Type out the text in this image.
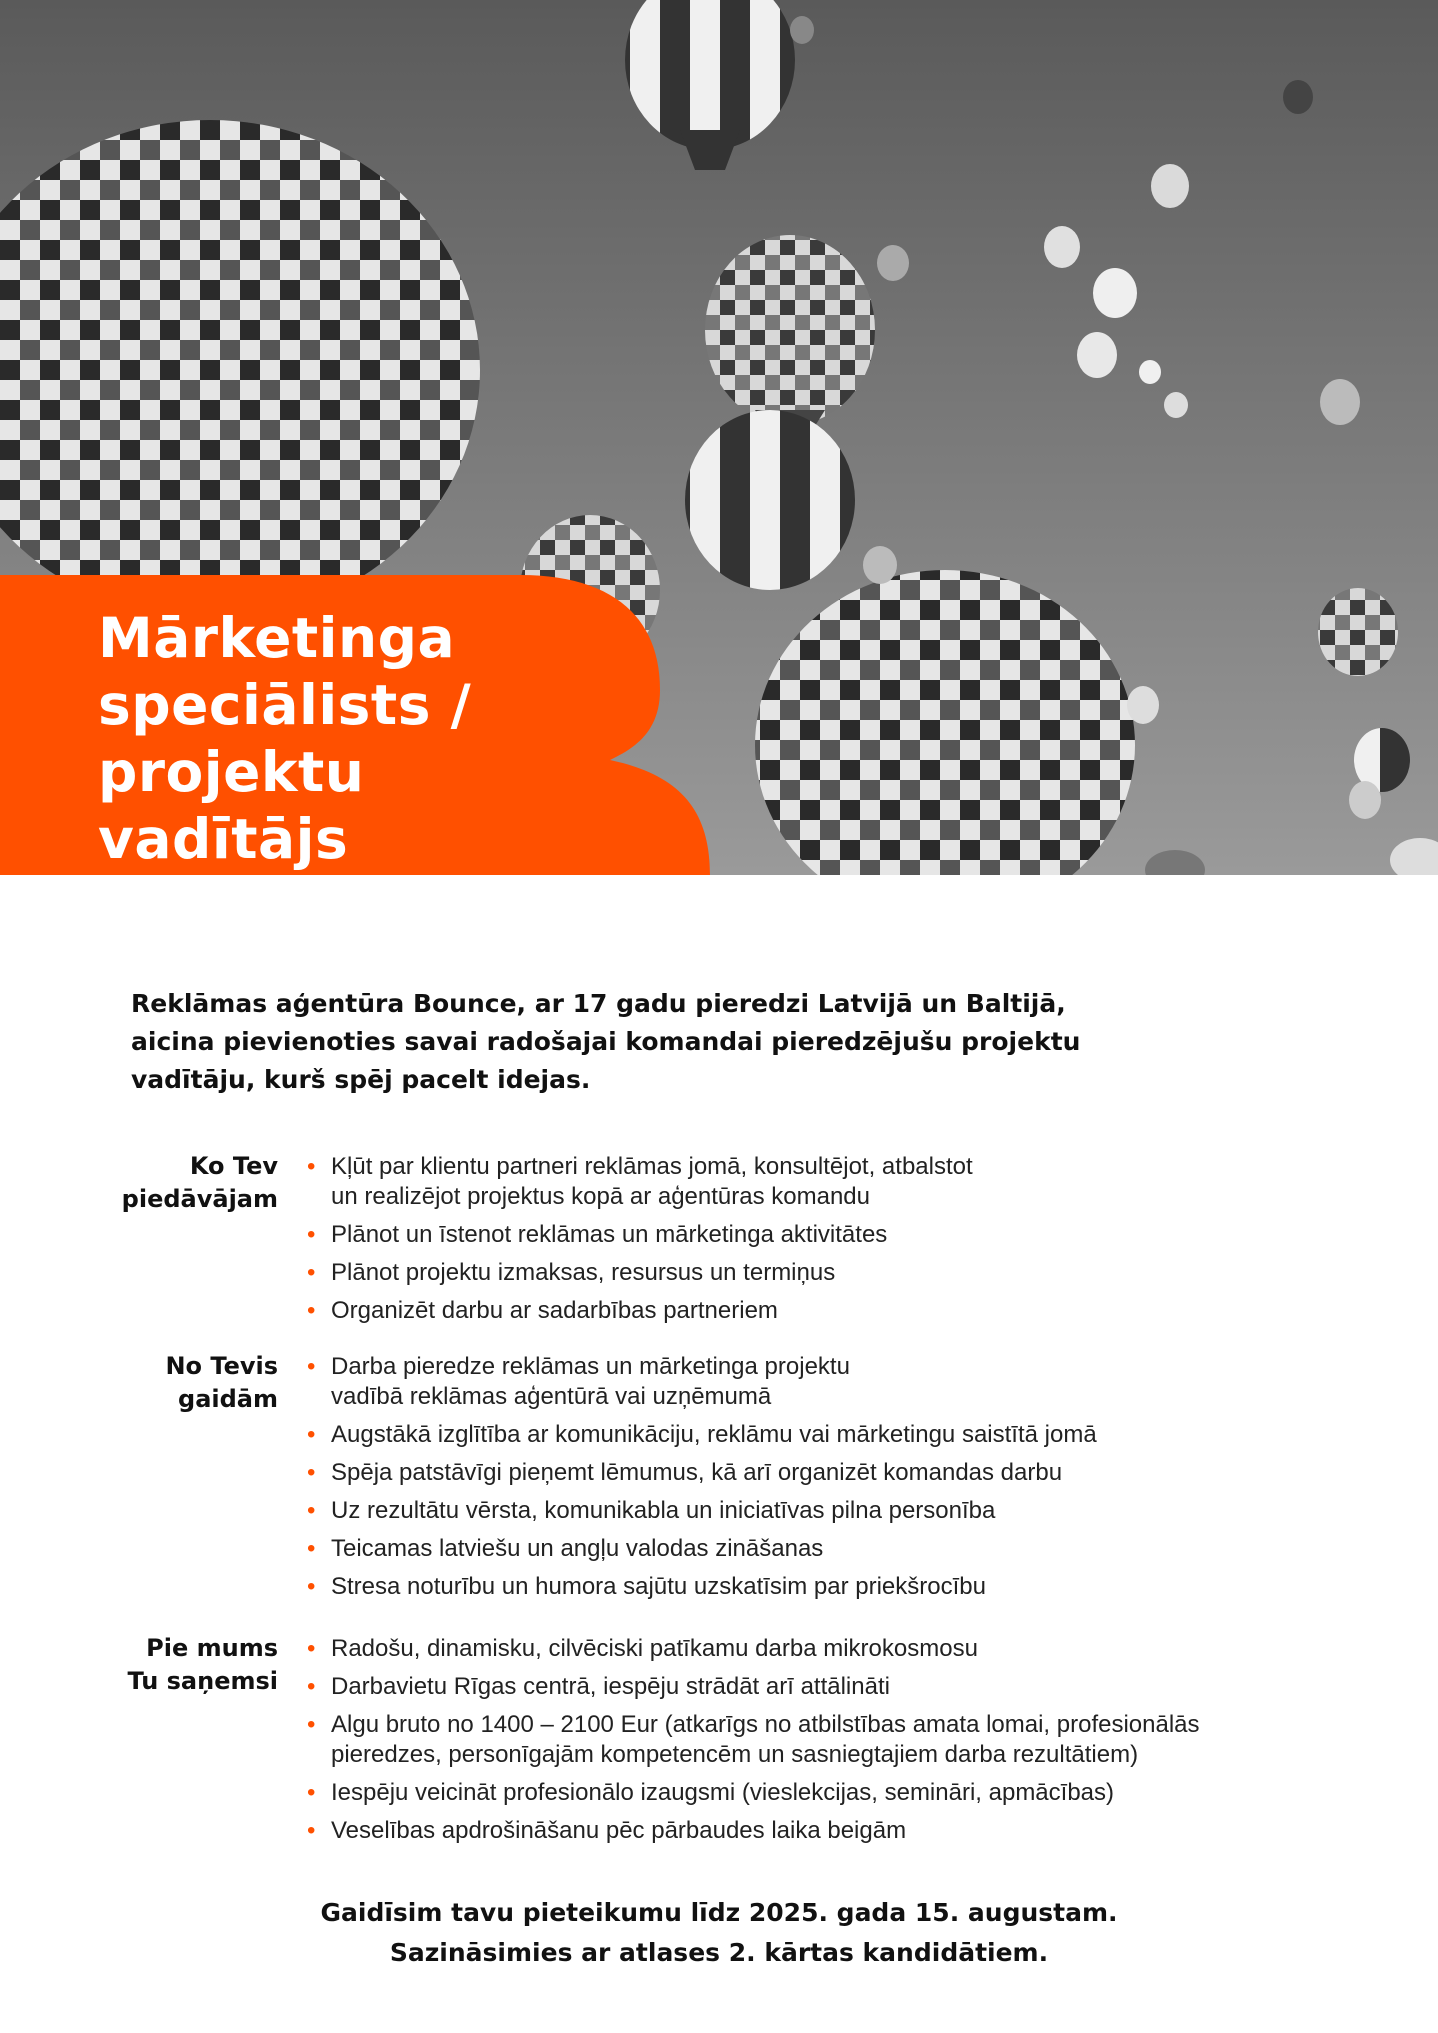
Mārketinga
speciālists /
projektu
vadītājs
Reklāmas aģentūra Bounce, ar 17 gadu pieredzi Latvijā un Baltijā,
aicina pievienoties savai radošajai komandai pieredzējušu projektu
vadītāju, kurš spēj pacelt idejas.
Ko Tev
piedāvājam
• Kļūt par klientu partneri reklāmas jomā, konsultējot, atbalstot
un realizējot projektus kopā ar aģentūras komandu
• Plānot un īstenot reklāmas un mārketinga aktivitātes
• Plānot projektu izmaksas, resursus un termiņus
• Organizēt darbu ar sadarbības partneriem
No Tevis
gaidām
• Darba pieredze reklāmas un mārketinga projektu
vadībā reklāmas aģentūrā vai uzņēmumā
• Augstākā izglītība ar komunikāciju, reklāmu vai mārketingu saistītā jomā
• Spēja patstāvīgi pieņemt lēmumus, kā arī organizēt komandas darbu
• Uz rezultātu vērsta, komunikabla un iniciatīvas pilna personība
• Teicamas latviešu un angļu valodas zināšanas
• Stresa noturību un humora sajūtu uzskatīsim par priekšrocību
Pie mums
Tu saņemsi
• Radošu, dinamisku, cilvēciski patīkamu darba mikrokosmosu
• Darbavietu Rīgas centrā, iespēju strādāt arī attālināti
• Algu bruto no 1400 – 2100 Eur (atkarīgs no atbilstības amata lomai, profesionālās
pieredzes, personīgajām kompetencēm un sasniegtajiem darba rezultātiem)
• Iespēju veicināt profesionālo izaugsmi (vieslekcijas, semināri, apmācības)
• Veselības apdrošināšanu pēc pārbaudes laika beigām
Gaidīsim tavu pieteikumu līdz 2025. gada 15. augustam.
Sazināsimies ar atlases 2. kārtas kandidātiem.
